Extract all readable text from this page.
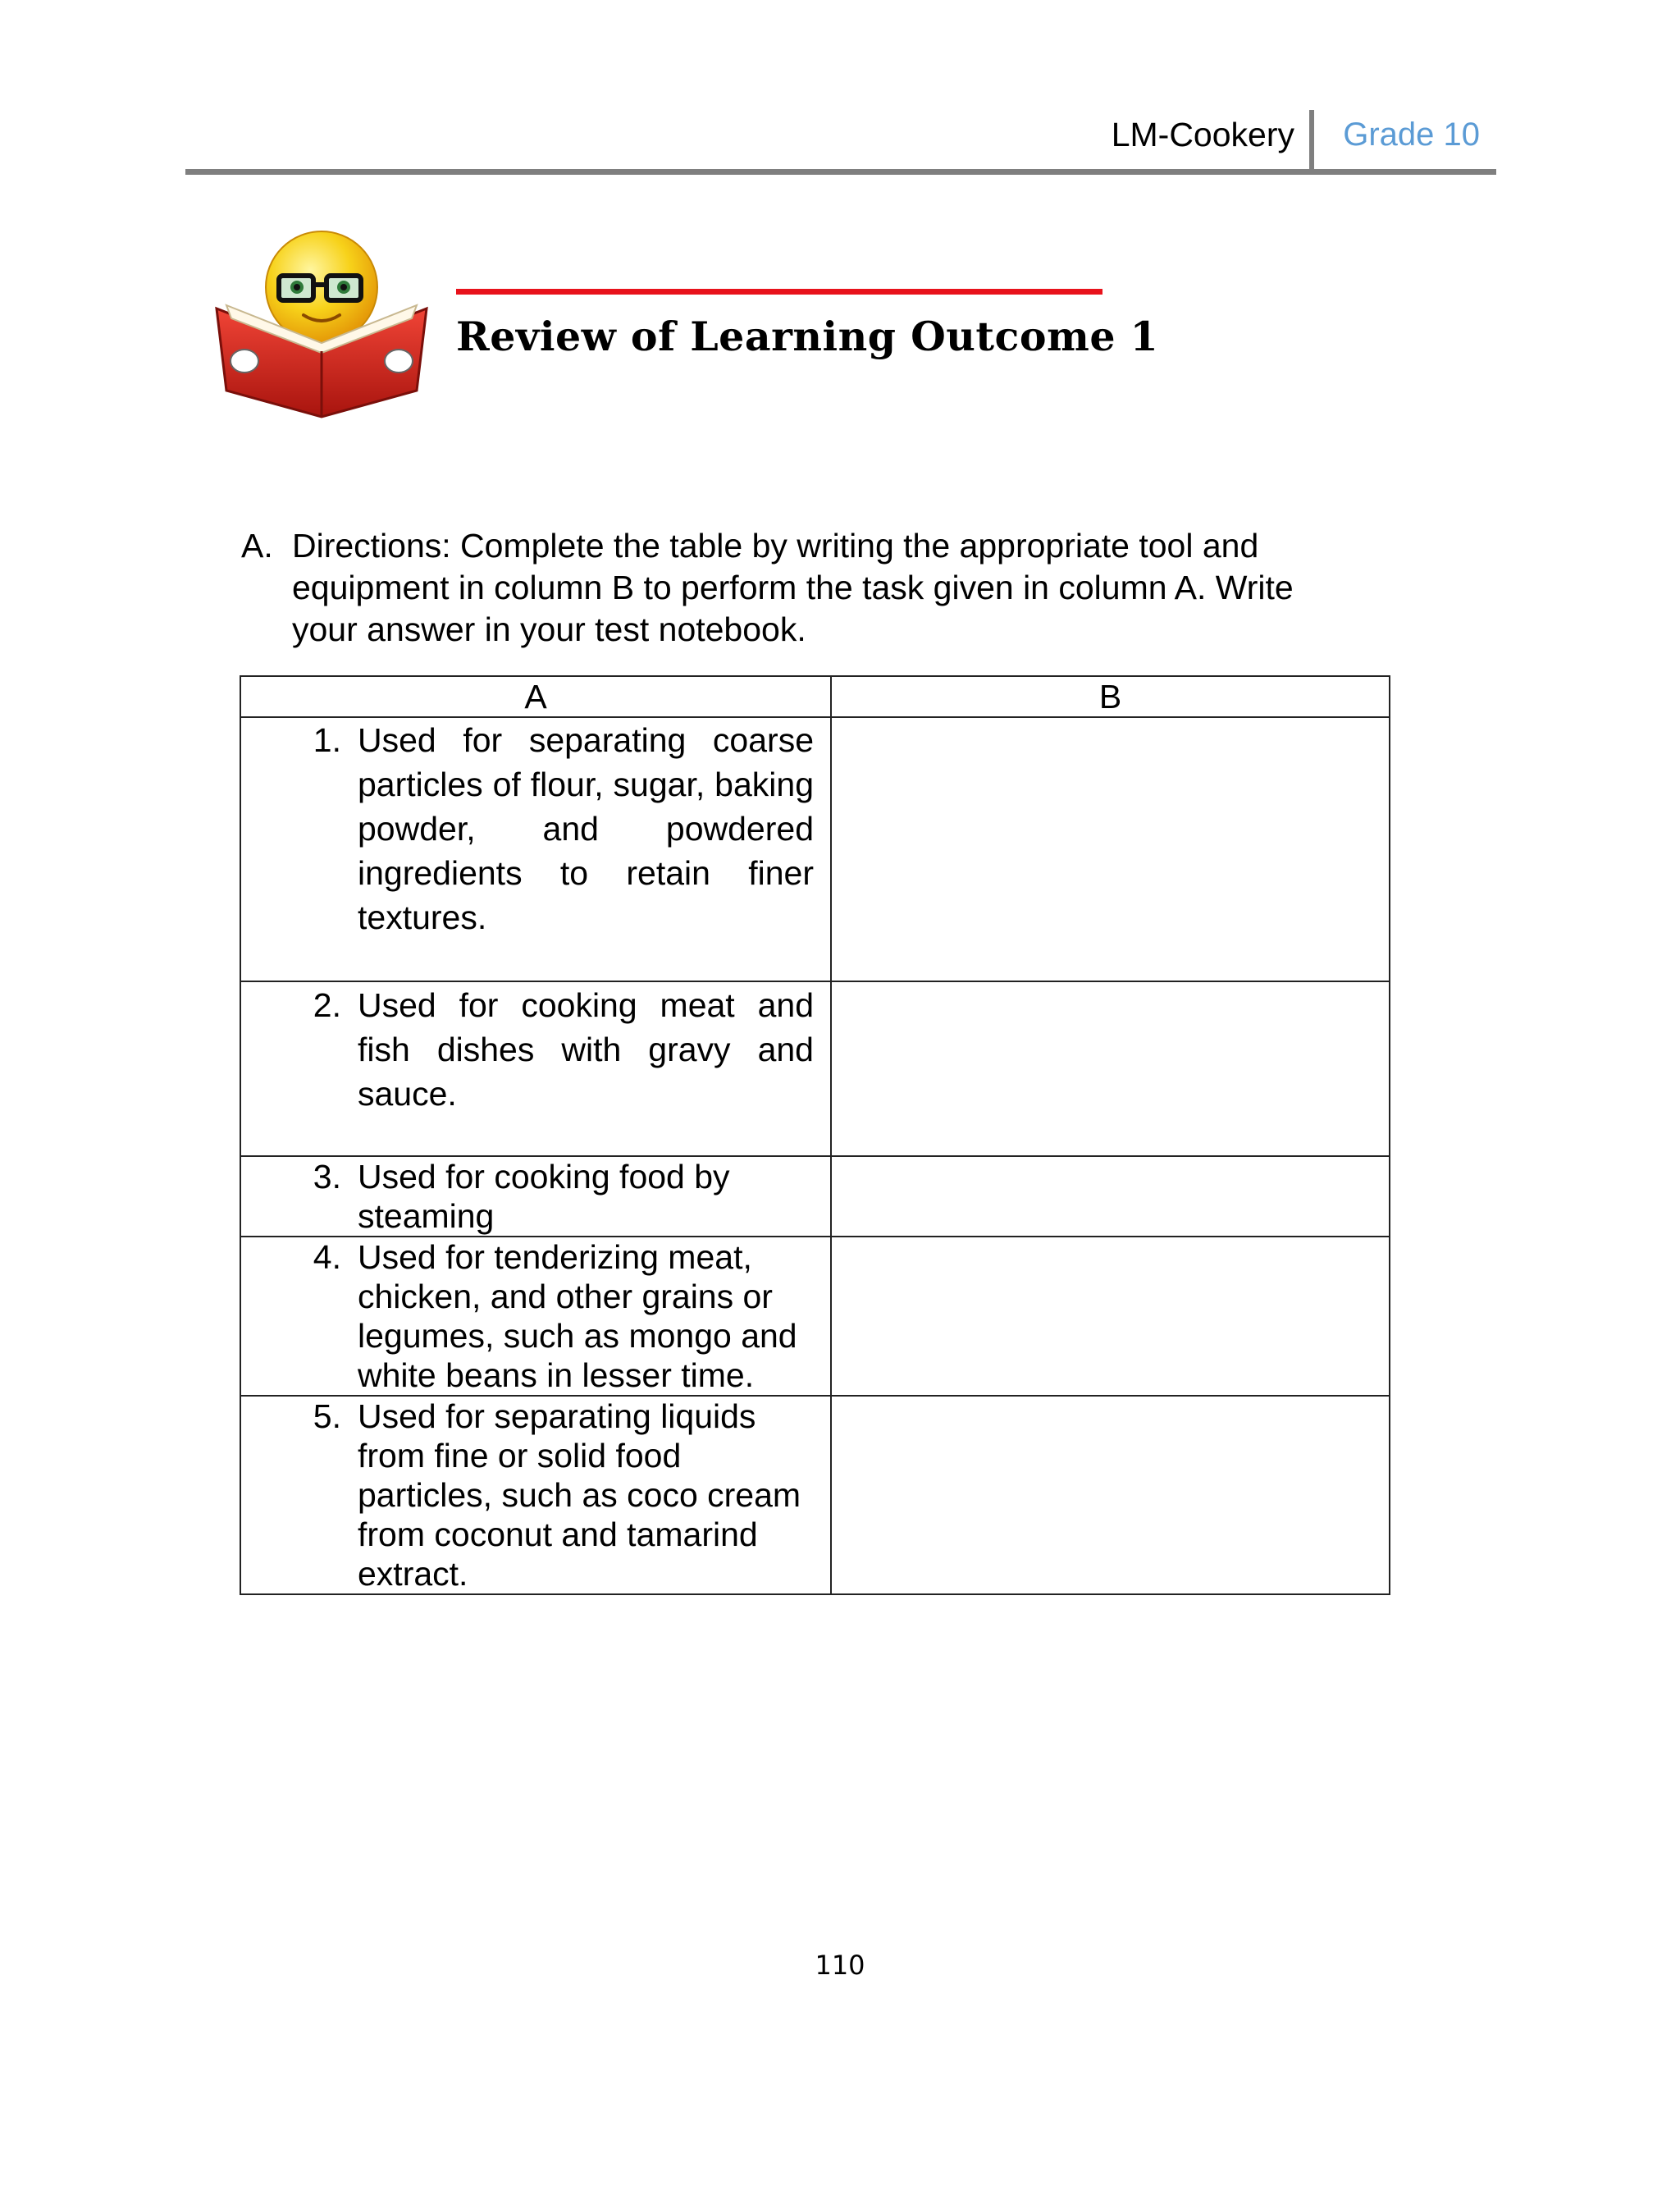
LM-Cookery	Grade 10
Review of Learning Outcome 1
A. Directions: Complete the table by writing the appropriate tool and equipment in column B to perform the task given in column A. Write your answer in your test notebook.
A	B

1. Used for separating coarse particles of flour, sugar, baking powder, and powdered ingredients to retain finer textures.	

2. Used for cooking meat and fish dishes with gravy and sauce.	

3. Used for cooking food by steaming	

4. Used for tenderizing meat, chicken, and other grains or legumes, such as mongo and white beans in lesser time.	

5. Used for separating liquids from fine or solid food particles, such as coco cream from coconut and tamarind extract.	

110
